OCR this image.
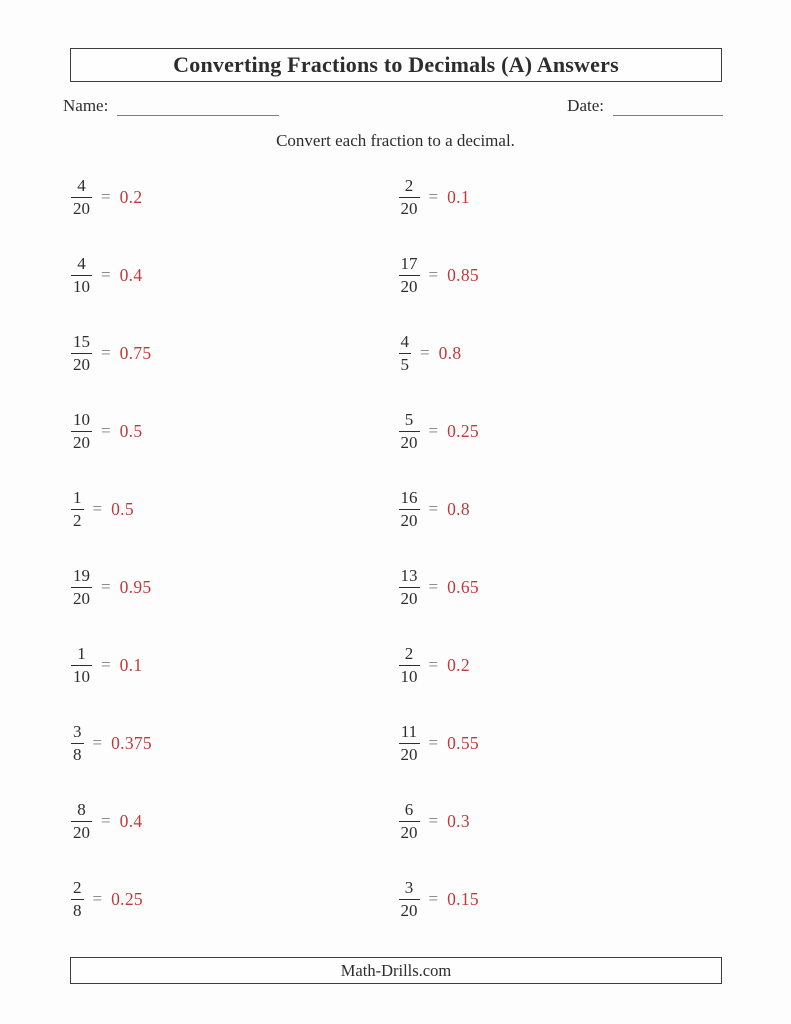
Converting Fractions to Decimals (A) Answers
Name:	Date:
Convert each fraction to a decimal.
$\frac{4}{20} = 0.2$
$\frac{4}{10} = 0.4$
$\frac{15}{20} = 0.75$
$\frac{10}{20} = 0.5$
$\frac{1}{2} = 0.5$
$\frac{19}{20} = 0.95$
$\frac{1}{10} = 0.1$
$\frac{3}{8} = 0.375$
$\frac{8}{20} = 0.4$
$\frac{2}{8} = 0.25$
$\frac{2}{20} = 0.1$
$\frac{17}{20} = 0.85$
$\frac{4}{5} = 0.8$
$\frac{5}{20} = 0.25$
$\frac{16}{20} = 0.8$
$\frac{13}{20} = 0.65$
$\frac{2}{10} = 0.2$
$\frac{11}{20} = 0.55$
$\frac{6}{20} = 0.3$
$\frac{3}{20} = 0.15$
Math-Drills.com
